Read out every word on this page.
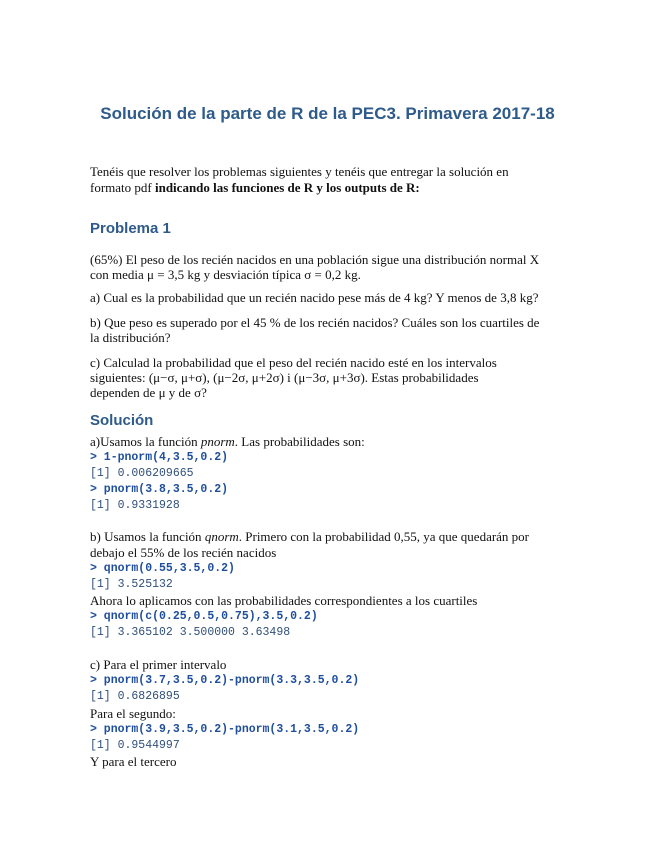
Solución de la parte de R de la PEC3. Primavera 2017-18

Tenéis que resolver los problemas siguientes y tenéis que entregar la solución en

formato pdf indicando las funciones de R y los outputs de R:

Problema 1

(65%) El peso de los recién nacidos en una población sigue una distribución normal X

con media μ = 3,5 kg y desviación típica σ = 0,2 kg.

a) Cual es la probabilidad que un recién nacido pese más de 4 kg? Y menos de 3,8 kg?

b) Que peso es superado por el 45 % de los recién nacidos? Cuáles son los cuartiles de

la distribución?

c) Calculad la probabilidad que el peso del recién nacido esté en los intervalos

siguientes: (μ−σ, μ+σ), (μ−2σ, μ+2σ) i (μ−3σ, μ+3σ). Estas probabilidades

dependen de μ y de σ?

Solución

a)Usamos la función pnorm. Las probabilidades son:

> 1-pnorm(4,3.5,0.2)

[1] 0.006209665

> pnorm(3.8,3.5,0.2)

[1] 0.9331928

b) Usamos la función qnorm. Primero con la probabilidad 0,55, ya que quedarán por

debajo el 55% de los recién nacidos

> qnorm(0.55,3.5,0.2)

[1] 3.525132

Ahora lo aplicamos con las probabilidades correspondientes a los cuartiles

> qnorm(c(0.25,0.5,0.75),3.5,0.2)

[1] 3.365102 3.500000 3.63498

c) Para el primer intervalo

> pnorm(3.7,3.5,0.2)-pnorm(3.3,3.5,0.2)

[1] 0.6826895

Para el segundo:

> pnorm(3.9,3.5,0.2)-pnorm(3.1,3.5,0.2)

[1] 0.9544997

Y para el tercero
